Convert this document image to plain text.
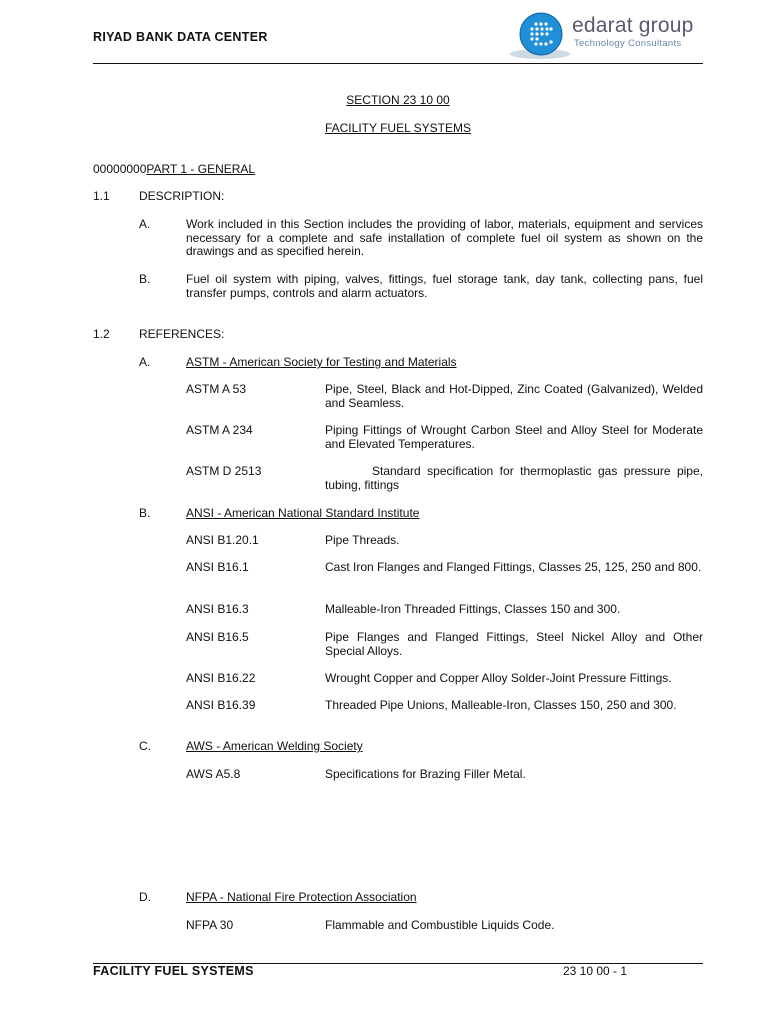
RIYAD BANK DATA CENTER	edarat group
Technology Consultants
SECTION 23 10 00
FACILITY FUEL SYSTEMS
00000000PART 1 - GENERAL
1.1 DESCRIPTION:
A.	Work included in this Section includes the providing of labor, materials, equipment and services necessary for a complete and safe installation of complete fuel oil system as shown on the drawings and as specified herein.
B.	Fuel oil system with piping, valves, fittings, fuel storage tank, day tank, collecting pans, fuel transfer pumps, controls and alarm actuators.
1.2 REFERENCES:
A.	ASTM - American Society for Testing and Materials
ASTM A 53	Pipe, Steel, Black and Hot-Dipped, Zinc Coated (Galvanized), Welded and Seamless.
ASTM A 234	Piping Fittings of Wrought Carbon Steel and Alloy Steel for Moderate and Elevated Temperatures.
ASTM D 2513	Standard specification for thermoplastic gas pressure pipe, tubing, fittings
B.	ANSI - American National Standard Institute
ANSI B1.20.1	Pipe Threads.
ANSI B16.1	Cast Iron Flanges and Flanged Fittings, Classes 25, 125, 250 and 800.
ANSI B16.3	Malleable-Iron Threaded Fittings, Classes 150 and 300.
ANSI B16.5	Pipe Flanges and Flanged Fittings, Steel Nickel Alloy and Other Special Alloys.
ANSI B16.22	Wrought Copper and Copper Alloy Solder-Joint Pressure Fittings.
ANSI B16.39	Threaded Pipe Unions, Malleable-Iron, Classes 150, 250 and 300.
C.	AWS - American Welding Society
AWS A5.8	Specifications for Brazing Filler Metal.
D.	NFPA - National Fire Protection Association
NFPA 30	Flammable and Combustible Liquids Code.
FACILITY FUEL SYSTEMS	23 10 00 - 1
